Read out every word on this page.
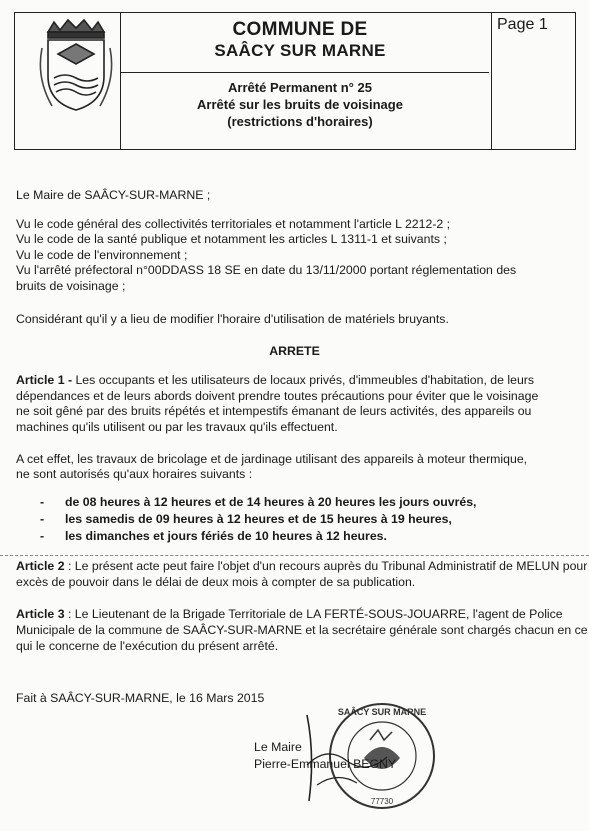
COMMUNE DE
SAÂCY SUR MARNE
Page 1
Arrêté Permanent n° 25
Arrêté sur les bruits de voisinage
(restrictions d'horaires)
Le Maire de SAÂCY-SUR-MARNE ;
Vu le code général des collectivités territoriales et notamment l'article L 2212-2 ;
Vu le code de la santé publique et notamment les articles L 1311-1 et suivants ;
Vu le code de l'environnement ;
Vu l'arrêté préfectoral n°00DDASS 18 SE en date du 13/11/2000 portant réglementation des
bruits de voisinage ;
Considérant qu'il y a lieu de modifier l'horaire d'utilisation de matériels bruyants.
ARRETE
Article 1 - Les occupants et les utilisateurs de locaux privés, d'immeubles d'habitation, de leurs
dépendances et de leurs abords doivent prendre toutes précautions pour éviter que le voisinage
ne soit gêné par des bruits répétés et intempestifs émanant de leurs activités, des appareils ou
machines qu'ils utilisent ou par les travaux qu'ils effectuent.
A cet effet, les travaux de bricolage et de jardinage utilisant des appareils à moteur thermique,
ne sont autorisés qu'aux horaires suivants :
- de 08 heures à 12 heures et de 14 heures à 20 heures les jours ouvrés,
- les samedis de 09 heures à 12 heures et de 15 heures à 19 heures,
- les dimanches et jours fériés de 10 heures à 12 heures.
Article 2 : Le présent acte peut faire l'objet d'un recours auprès du Tribunal Administratif de MELUN pour
excès de pouvoir dans le délai de deux mois à compter de sa publication.
Article 3 : Le Lieutenant de la Brigade Territoriale de LA FERTÉ-SOUS-JOUARRE, l'agent de Police
Municipale de la commune de SAÂCY-SUR-MARNE et la secrétaire générale sont chargés chacun en ce
qui le concerne de l'exécution du présent arrêté.
Fait à SAÂCY-SUR-MARNE, le 16 Mars 2015
SAÂCY SUR MARNE
77730
Le Maire
Pierre-Emmanuel BEGNY
